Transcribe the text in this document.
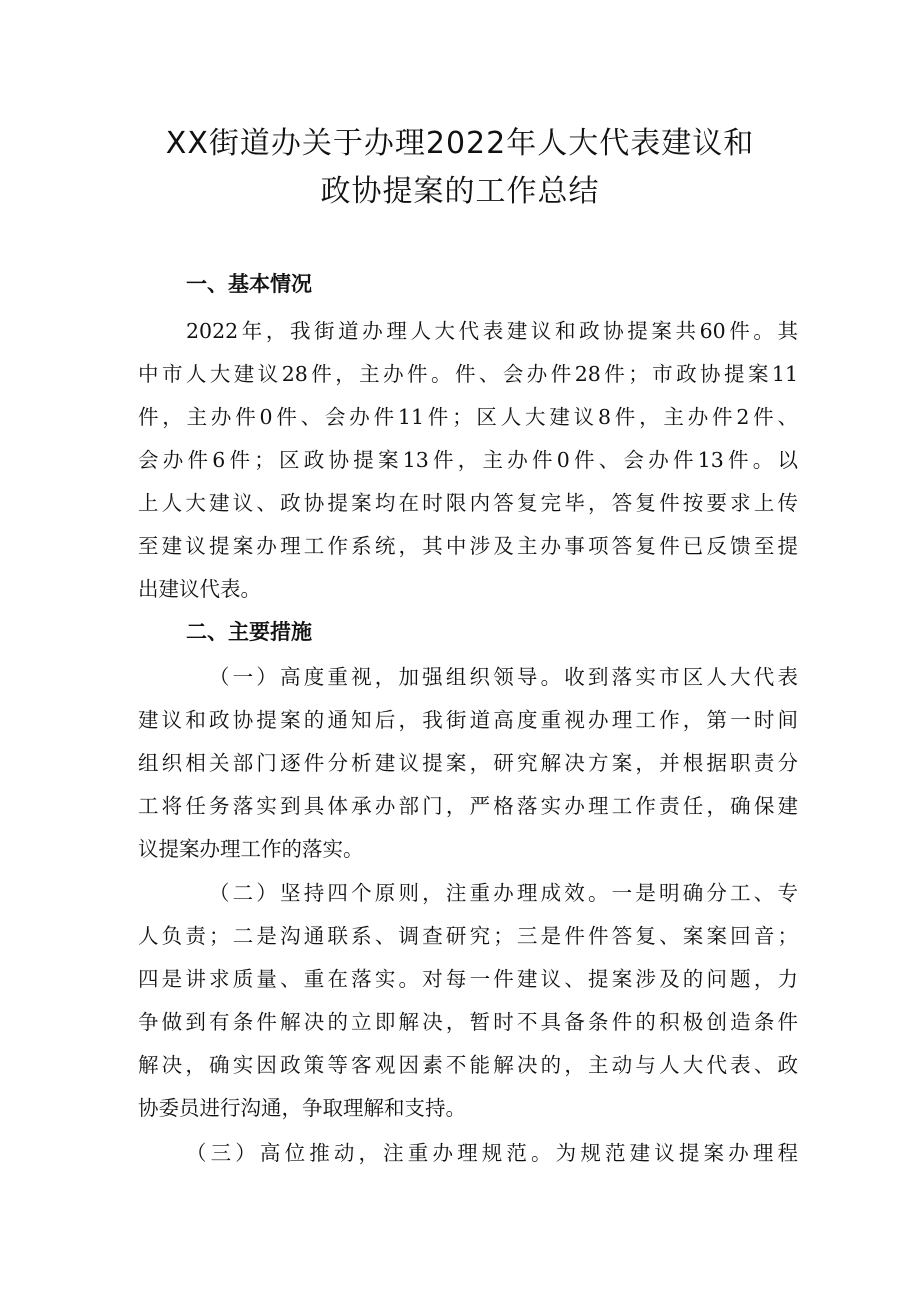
XX街道办关于办理2022年人大代表建议和
政协提案的工作总结
一、基本情况
2022年，我街道办理人大代表建议和政协提案共60件。其
中市人大建议28件，主办件。件、会办件28件；市政协提案11
件，主办件0件、会办件11件；区人大建议8件，主办件2件、
会办件6件；区政协提案13件，主办件0件、会办件13件。以
上人大建议、政协提案均在时限内答复完毕，答复件按要求上传
至建议提案办理工作系统，其中涉及主办事项答复件已反馈至提
出建议代表。
二、主要措施
（一）高度重视，加强组织领导。收到落实市区人大代表
建议和政协提案的通知后，我街道高度重视办理工作，第一时间
组织相关部门逐件分析建议提案，研究解决方案，并根据职责分
工将任务落实到具体承办部门，严格落实办理工作责任，确保建
议提案办理工作的落实。
（二）坚持四个原则，注重办理成效。一是明确分工、专
人负责；二是沟通联系、调查研究；三是件件答复、案案回音；
四是讲求质量、重在落实。对每一件建议、提案涉及的问题，力
争做到有条件解决的立即解决，暂时不具备条件的积极创造条件
解决，确实因政策等客观因素不能解决的，主动与人大代表、政
协委员进行沟通，争取理解和支持。
（三）高位推动，注重办理规范。为规范建议提案办理程
